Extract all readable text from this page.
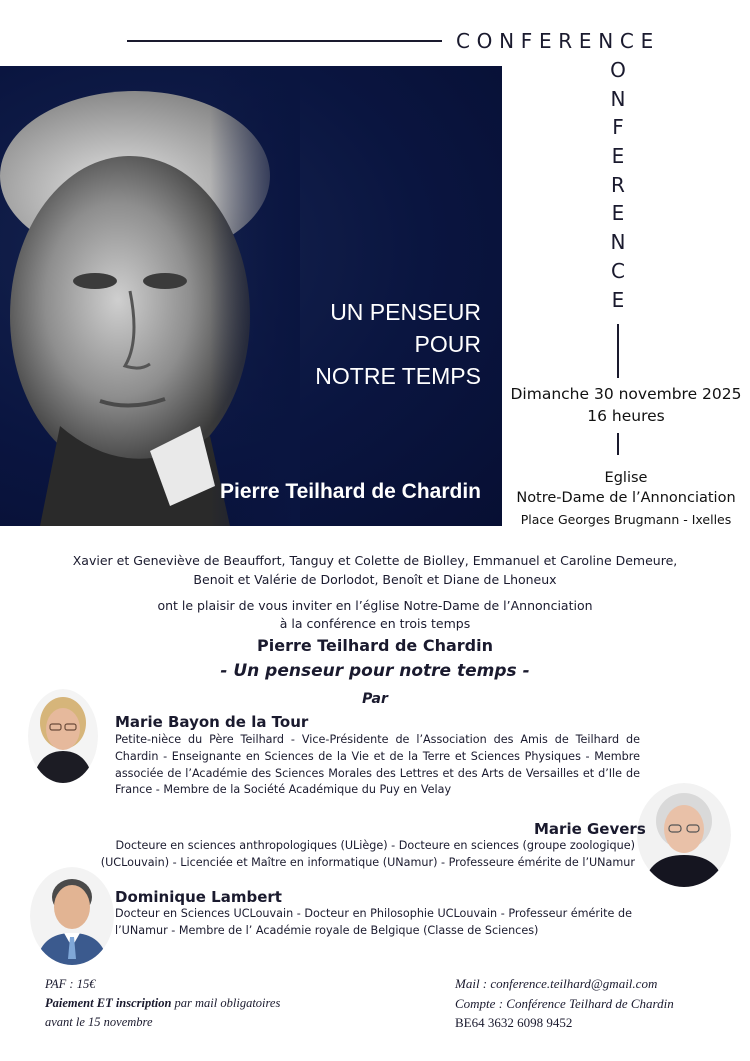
CONFERENCE
O
N
F
E
R
E
N
C
E
UN PENSEUR
POUR
NOTRE TEMPS
Pierre Teilhard de Chardin
Dimanche 30 novembre 2025
16 heures
Eglise
Notre-Dame de l’Annonciation
Place Georges Brugmann - Ixelles
Xavier et Geneviève de Beauffort, Tanguy et Colette de Biolley, Emmanuel et Caroline Demeure,
Benoit et Valérie de Dorlodot, Benoît et Diane de Lhoneux
ont le plaisir de vous inviter en l’église Notre-Dame de l’Annonciation
à la conférence en trois temps
Pierre Teilhard de Chardin
- Un penseur pour notre temps -
Par
Marie Bayon de la Tour
Petite-nièce du Père Teilhard - Vice-Présidente de l’Association des Amis de Teilhard de Chardin - Enseignante en Sciences de la Vie et de la Terre et Sciences Physiques - Membre associée de l’Académie des Sciences Morales des Lettres et des Arts de Versailles et d’Ile de France - Membre de la Société Académique du Puy en Velay
Marie Gevers
Docteure en sciences anthropologiques (ULiège) - Docteure en sciences (groupe zoologique)
(UCLouvain) - Licenciée et Maître en informatique (UNamur) - Professeure émérite de l’UNamur
Dominique Lambert
Docteur en Sciences UCLouvain - Docteur en Philosophie UCLouvain - Professeur émérite de l’UNamur - Membre de l’ Académie royale de Belgique (Classe de Sciences)
PAF : 15€
Paiement ET inscription par mail obligatoires
avant le 15 novembre
Mail : conference.teilhard@gmail.com
Compte : Conférence Teilhard de Chardin
BE64 3632 6098 9452
